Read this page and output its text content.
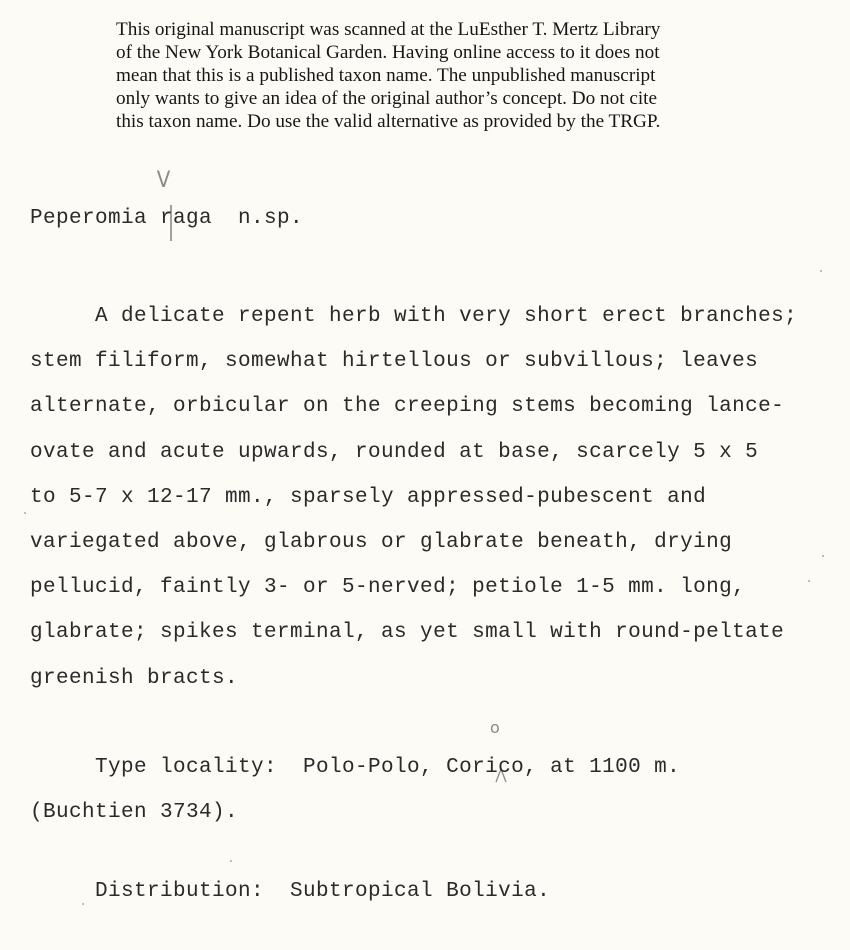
This original manuscript was scanned at the LuEsther T. Mertz Library
of the New York Botanical Garden. Having online access to it does not
mean that this is a published taxon name. The unpublished manuscript
only wants to give an idea of the original author’s concept. Do not cite
this taxon name. Do use the valid alternative as provided by the TRGP.
V
Peperomia raga  n.sp.
A delicate repent herb with very short erect branches;
stem filiform, somewhat hirtellous or subvillous; leaves
alternate, orbicular on the creeping stems becoming lance-
ovate and acute upwards, rounded at base, scarcely 5 x 5
to 5-7 x 12-17 mm., sparsely appressed-pubescent and
variegated above, glabrous or glabrate beneath, drying
pellucid, faintly 3- or 5-nerved; petiole 1-5 mm. long,
glabrate; spikes terminal, as yet small with round-peltate
greenish bracts.
o
Type locality:  Polo-Polo, Corico, at 1100 m.
(Buchtien 3734).
Distribution:  Subtropical Bolivia.
